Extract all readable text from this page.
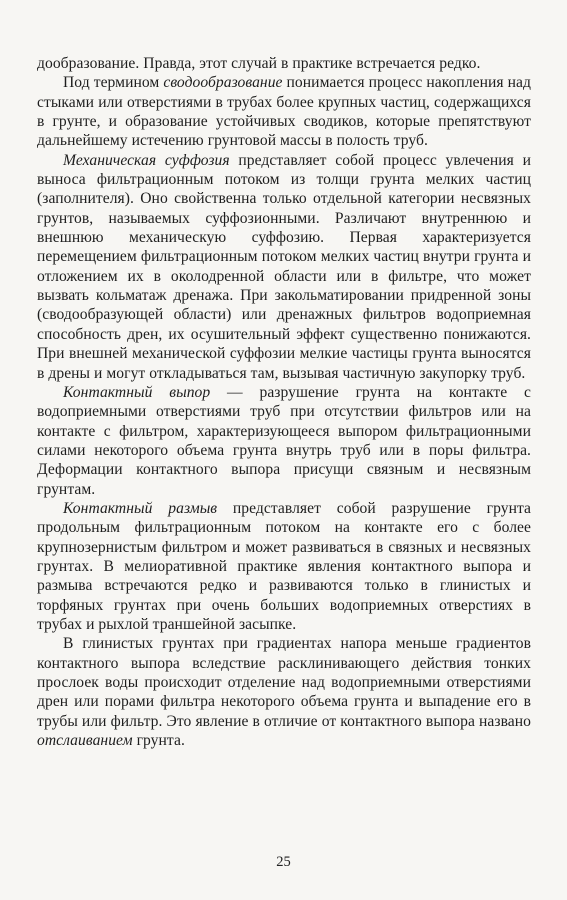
дообразование. Правда, этот случай в практике встречается редко.

Под термином сводообразование понимается процесс накопления над стыками или отверстиями в трубах более крупных частиц, содержащихся в грунте, и образование устойчивых сводиков, которые препятствуют дальнейшему истечению грунтовой массы в полость труб.

Механическая суффозия представляет собой процесс увлечения и выноса фильтрационным потоком из толщи грунта мелких частиц (заполнителя). Оно свойственна только отдельной категории несвязных грунтов, называемых суффозионными. Различают внутреннюю и внешнюю механическую суффозию. Первая характеризуется перемещением фильтрационным потоком мелких частиц внутри грунта и отложением их в околодренной области или в фильтре, что может вызвать кольматаж дренажа. При закольматировании придренной зоны (сводообразующей области) или дренажных фильтров водоприемная способность дрен, их осушительный эффект существенно понижаются. При внешней механической суффозии мелкие частицы грунта выносятся в дрены и могут откладываться там, вызывая частичную закупорку труб.

Контактный выпор — разрушение грунта на контакте с водоприемными отверстиями труб при отсутствии фильтров или на контакте с фильтром, характеризующееся выпором фильтрационными силами некоторого объема грунта внутрь труб или в поры фильтра. Деформации контактного выпора присущи связным и несвязным грунтам.

Контактный размыв представляет собой разрушение грунта продольным фильтрационным потоком на контакте его с более крупнозернистым фильтром и может развиваться в связных и несвязных грунтах. В мелиоративной практике явления контактного выпора и размыва встречаются редко и развиваются только в глинистых и торфяных грунтах при очень больших водоприемных отверстиях в трубах и рыхлой траншейной засыпке.

В глинистых грунтах при градиентах напора меньше градиентов контактного выпора вследствие расклинивающего действия тонких прослоек воды происходит отделение над водоприемными отверстиями дрен или порами фильтра некоторого объема грунта и выпадение его в трубы или фильтр. Это явление в отличие от контактного выпора названо отслаиванием грунта.

25
